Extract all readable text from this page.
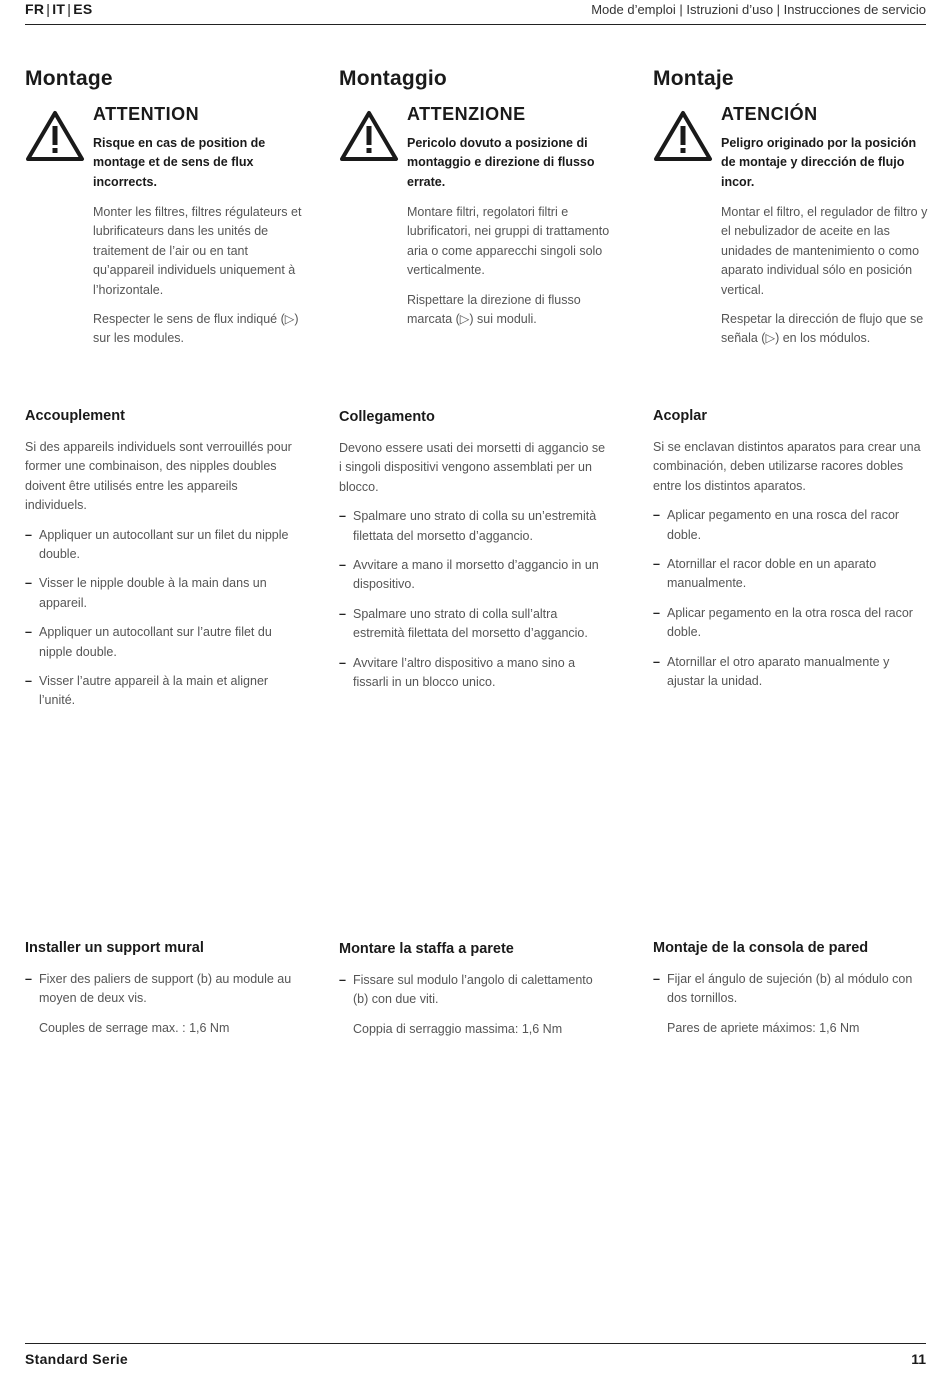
FR | IT | ES	Mode d’emploi | Istruzioni d’uso | Instrucciones de servicio
Montage
ATTENTION
Risque en cas de position de montage et de sens de flux incorrects.

Monter les filtres, filtres régulateurs et lubrificateurs dans les unités de traitement de l’air ou en tant qu’appareil individuels uniquement à l’horizontale.

Respecter le sens de flux indiqué (▷) sur les modules.

Accouplement

Si des appareils individuels sont verrouillés pour former une combinaison, des nipples doubles doivent être utilisés entre les appareils individuels.

– Appliquer un autocollant sur un filet du nipple double.
– Visser le nipple double à la main dans un appareil.
– Appliquer un autocollant sur l’autre filet du nipple double.
– Visser l’autre appareil à la main et aligner l’unité.
Installer un support mural
– Fixer des paliers de support (b) au module au moyen de deux vis.

Couples de serrage max. : 1,6 Nm

Montaggio
ATTENZIONE
Pericolo dovuto a posizione di montaggio e direzione di flusso errate.

Montare filtri, regolatori filtri e lubrificatori, nei gruppi di trattamento aria o come apparecchi singoli solo verticalmente.

Rispettare la direzione di flusso marcata (▷) sui moduli.

Collegamento

Devono essere usati dei morsetti di aggancio se i singoli dispositivi vengono assemblati per un blocco.

– Spalmare uno strato di colla su un’estremità filettata del morsetto d’aggancio.
– Avvitare a mano il morsetto d’aggancio in un dispositivo.
– Spalmare uno strato di colla sull’altra estremità filettata del morsetto d’aggancio.
– Avvitare l’altro dispositivo a mano sino a fissarli in un blocco unico.
Montare la staffa a parete
– Fissare sul modulo l’angolo di calettamento (b) con due viti.

Coppia di serraggio massima: 1,6 Nm

Montaje
ATENCIÓN
Peligro originado por la posición de montaje y dirección de flujo incor.

Montar el filtro, el regulador de filtro y el nebulizador de aceite en las unidades de mantenimiento o como aparato individual sólo en posición vertical.

Respetar la dirección de flujo que se señala (▷) en los módulos.

Acoplar

Si se enclavan distintos aparatos para crear una combinación, deben utilizarse racores dobles entre los distintos aparatos.

– Aplicar pegamento en una rosca del racor doble.
– Atornillar el racor doble en un aparato manualmente.
– Aplicar pegamento en la otra rosca del racor doble.
– Atornillar el otro aparato manualmente y ajustar la unidad.
Montaje de la consola de pared
– Fijar el ángulo de sujeción (b) al módulo con dos tornillos.

Pares de apriete máximos: 1,6 Nm

Standard Serie	11
